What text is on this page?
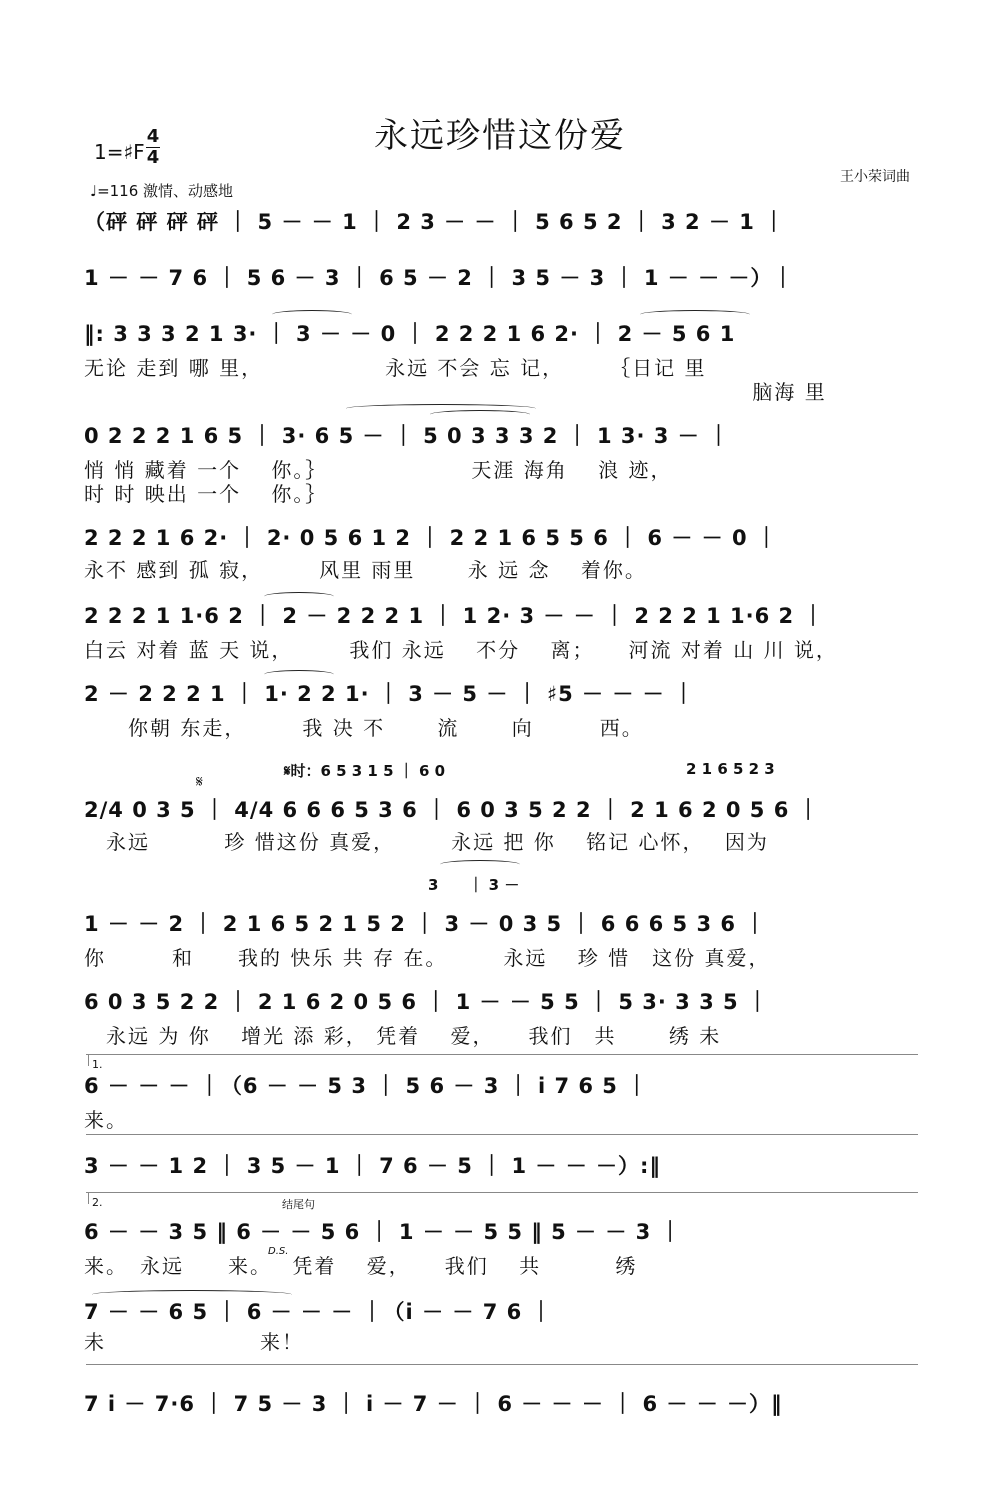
永远珍惜这份爱
1=♯F
4
4
♩=116 激情、动感地
王小荣词曲
（砰 砰 砰 砰 ｜ 5 － － 1 ｜ 2 3 － － ｜ 5 6 5 2 ｜ 3 2 － 1 ｜
1 － － 7 6 ｜ 5 6 － 3 ｜ 6 5 － 2 ｜ 3 5 － 3 ｜ 1 － － －）｜
‖: 3 3 3 2 1 3· ｜ 3 － － 0 ｜ 2 2 2 1 6 2· ｜ 2 － 5 6 1
无论 走到 哪 里，　　　　　　永远 不会 忘 记，　　　｛日记 里
　　　　　　　　　　　　　　　　　　　　　　　　　　　　　　 脑海 里
0 2 2 2 1 6 5 ｜ 3· 6 5 － ｜ 5 0 3 3 3 2 ｜ 1 3· 3 － ｜
悄 悄 藏着 一个　 你。｝　　　　　　　天涯 海角　 浪 迹，
时 时 映出 一个　 你。｝
2 2 2 1 6 2· ｜ 2· 0 5 6 1 2 ｜ 2 2 1 6 5 5 6 ｜ 6 － － 0 ｜
永不 感到 孤 寂，　　　风里 雨里　　 永 远 念　 着你。
2 2 2 1 1·6 2 ｜ 2 － 2 2 2 1 ｜ 1 2· 3 － － ｜ 2 2 2 1 1·6 2 ｜
白云 对着 蓝 天 说，　　　我们 永远　 不分　 离；　　河流 对着 山 川 说，
2 － 2 2 2 1 ｜ 1· 2 2 1· ｜ 3 － 5 － ｜ ♯5 － － － ｜
　　你朝 东走，　　　我 决 不　　 流　　 向　　　西。
𝄋时：6 5 3 1 5 ｜ 6 0	2 1 6 5 2 3
𝄋
2/4 0 3 5 ｜ 4/4 6 6 6 5 3 6 ｜ 6 0 3 5 2 2 ｜ 2 1 6 2 0 5 6 ｜
　永远　　　 珍 惜这份 真爱，　　　永远 把 你　 铭记 心怀，　 因为
3　　｜ 3 －
1 － － 2 ｜ 2 1 6 5 2 1 5 2 ｜ 3 － 0 3 5 ｜ 6 6 6 5 3 6 ｜
你　　　和　　我的 快乐 共 存 在。　　　永远　 珍 惜　这份 真爱，
6 0 3 5 2 2 ｜ 2 1 6 2 0 5 6 ｜ 1 － － 5 5 ｜ 5 3· 3 3 5 ｜
　永远 为 你　 增光 添 彩， 凭着　 爱，　　我们　共　　 绣 未
1.
6 － － － ｜（6 － － 5 3 ｜ 5 6 － 3 ｜ i 7 6 5 ｜
来。
3 － － 1 2 ｜ 3 5 － 1 ｜ 7 6 － 5 ｜ 1 － － －）:‖
2.	结尾句
6 － － 3 5 ‖ 6 － － 5 6 ｜ 1 － － 5 5 ‖ 5 － － 3 ｜
D.S.
来。　永远　　来。　 凭着　 爱，　　我们　 共　　　 绣
7 － － 6 5 ｜ 6 － － － ｜（i － － 7 6 ｜
未　　　　　　　来！
7 i － 7·6 ｜ 7 5 － 3 ｜ i － 7 － ｜ 6 － － － ｜ 6 － － －）‖
